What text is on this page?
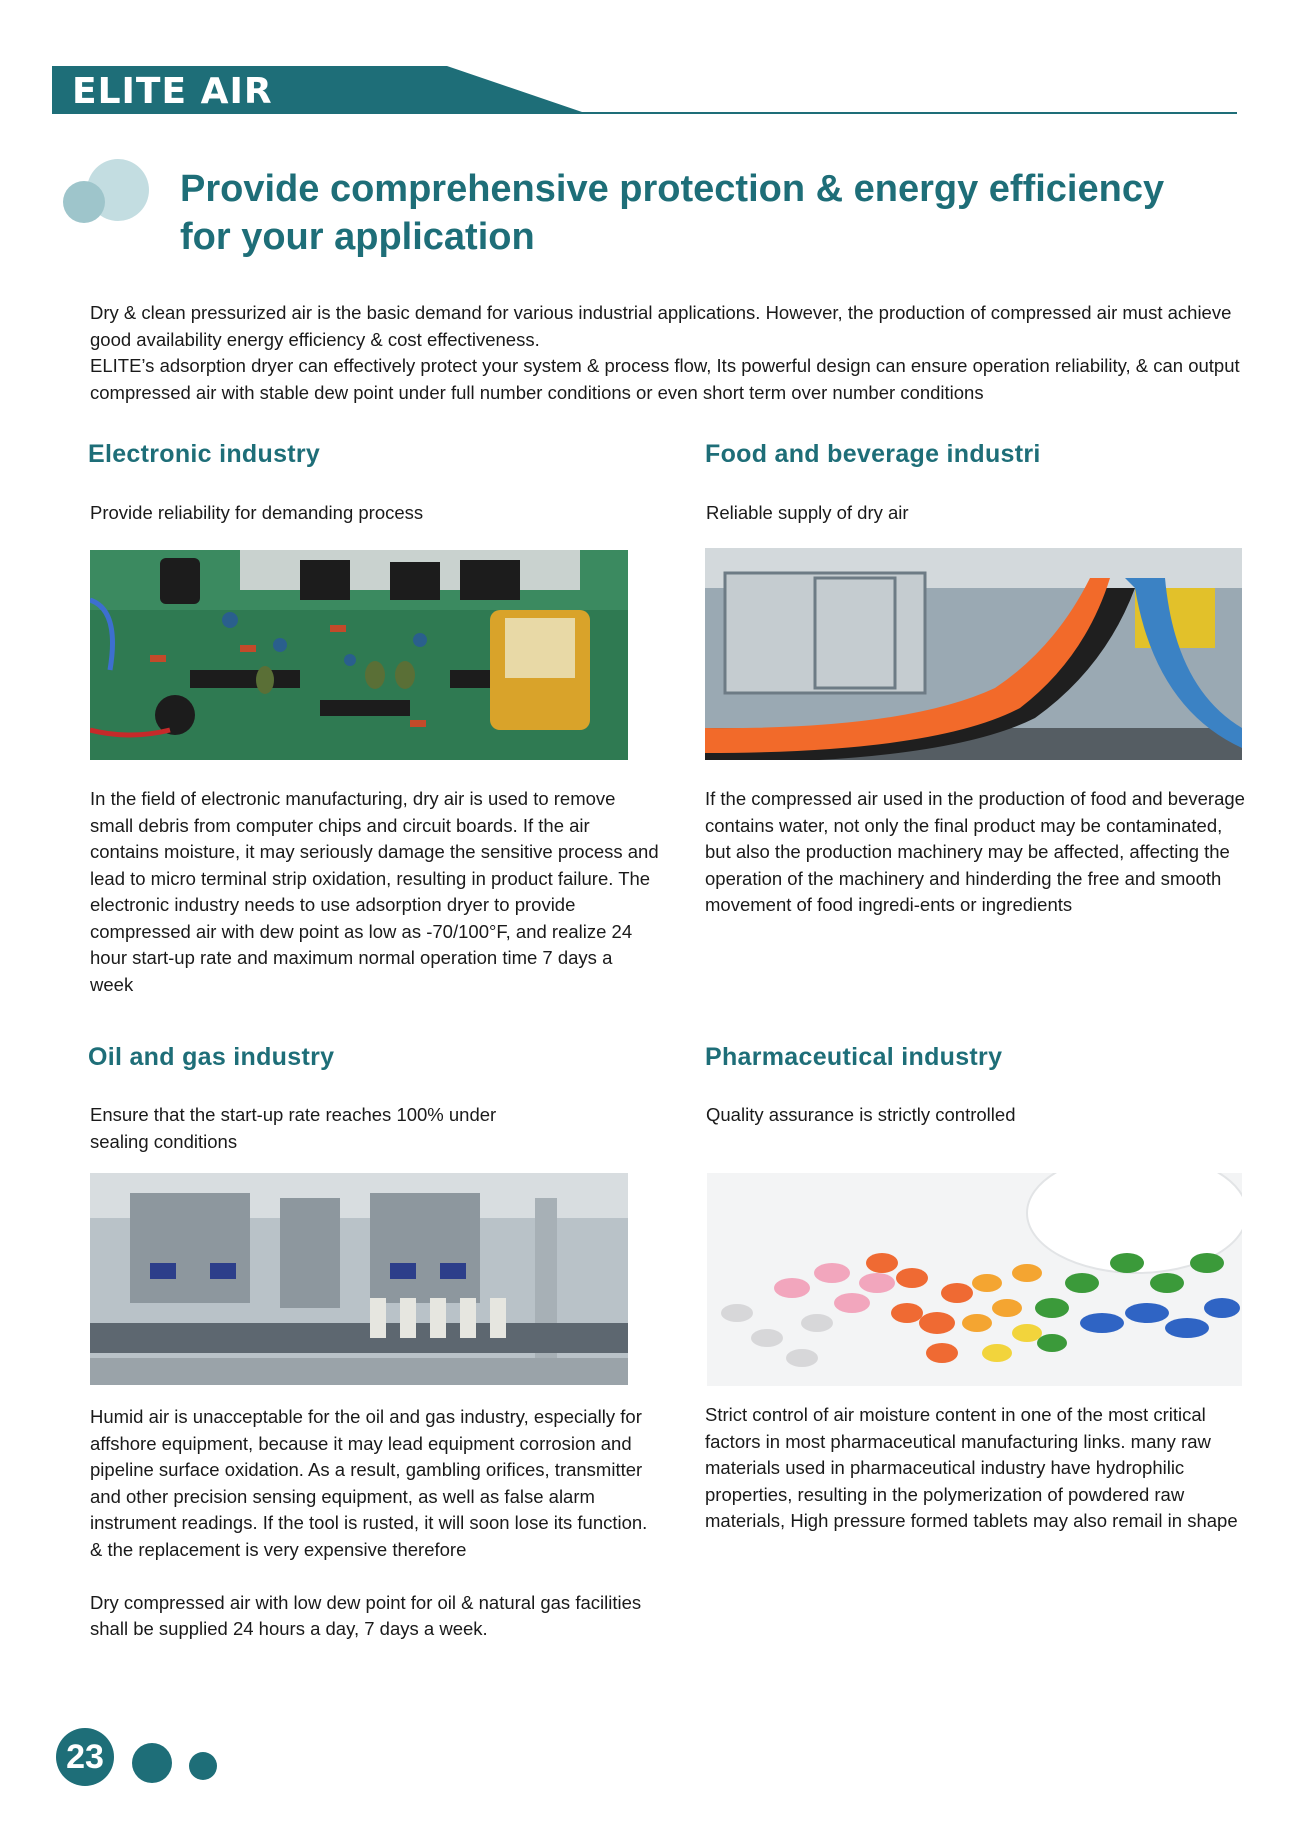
ELITE AIR
Provide comprehensive protection & energy efficiency
for your application

Dry & clean pressurized air is the basic demand for various industrial applications. However, the production of compressed air must achieve good availability energy efficiency & cost effectiveness.

ELITE’s adsorption dryer can effectively protect your system & process flow, Its powerful design can ensure operation reliability, & can output compressed air with stable dew point under full number conditions or even short term over number conditions

Electronic industry

Provide reliability for demanding process

In the field of electronic manufacturing, dry air is used to remove small debris from computer chips and circuit boards. If the air contains moisture, it may seriously damage the sensitive process and lead to micro terminal strip oxidation, resulting in product failure. The electronic industry needs to use adsorption dryer to provide compressed air with dew point as low as -70/100°F, and realize 24 hour start-up rate and maximum normal operation time 7 days a week

Food and beverage industri

Reliable supply of dry air

If the compressed air used in the production of food and beverage contains water, not only the final product may be contaminated, but also the production machinery may be affected, affecting the operation of the machinery and hinderding the free and smooth movement of food ingredi-ents or ingredients

Oil and gas industry

Ensure that the start-up rate reaches 100% under sealing conditions

Humid air is unacceptable for the oil and gas industry, especially for affshore equipment, because it may lead equipment corrosion and pipeline surface oxidation. As a result, gambling orifices, transmitter and other precision sensing equipment, as well as false alarm instrument readings. If the tool is rusted, it will soon lose its function. & the replacement is very expensive therefore

Dry compressed air with low dew point for oil & natural gas facilities shall be supplied 24 hours a day, 7 days a week.

Pharmaceutical industry

Quality assurance is strictly controlled

Strict control of air moisture content in one of the most critical factors in most pharmaceutical manufacturing links. many raw materials used in pharmaceutical industry have hydrophilic properties, resulting in the polymerization of powdered raw materials, High pressure formed tablets may also remail in shape

23
